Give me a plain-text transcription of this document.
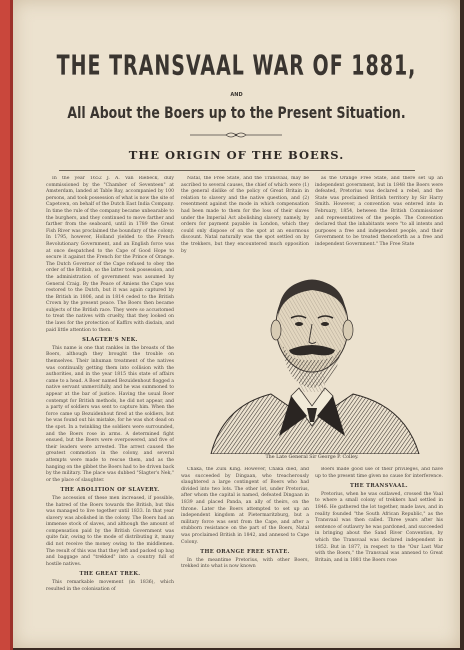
THE TRANSVAAL WAR OF 1881,
AND
All About the Boers up to the Present Situation.
THE ORIGIN OF THE BOERS.

In the year 1652 J. A. Van Riebeck, duly commissioned by the "Chamber of Seventeen" at Amsterdam, landed at Table Bay, accompanied by 100 persons, and took possession of what is now the site of Capetown, on behalf of the Dutch East India Company. In time the rule of the company became unbearable to the burghers, and they continued to move farther and farther from the seaboard, until in 1789 the Great Fish River was proclaimed the boundary of the colony. In 1795, however, Holland yielded to the French Revolutionary Government, and an English force was at once despatched to the Cape of Good Hope to secure it against the French for the Prince of Orange. The Dutch Governor of the Cape refused to obey the order of the British, so the latter took possession, and the administration of government was assumed by General Craig. By the Peace of Amiens the Cape was restored to the Dutch, but it was again captured by the British in 1806, and in 1814 ceded to the British Crown by the present peace. The Boers then became subjects of the British race. They were so accustomed to treat the natives with cruelty, that they looked on the laws for the protection of Kaffirs with disdain, and paid little attention to them.

SLAGTER'S NEK.

This name is one that rankles in the breasts of the Boers, although they brought the trouble on themselves. Their inhuman treatment of the natives was continually getting them into collision with the authorities, and in the year 1815 this state of affairs came to a head. A Boer named Bezuidenhout flogged a native servant unmercifully, and he was summoned to appear at the bar of justice. Having the usual Boer contempt for British methods, he did not appear, and a party of soldiers was sent to capture him. When the force came up Bezuidenhout fired at the soldiers, but he was found out his mistake, for he was shot dead on the spot. In a twinkling the soldiers were surrounded, and the Boers rose in arms. A determined fight ensued, but the Boers were overpowered, and five of their leaders were arrested. The arrest caused the greatest commotion in the colony, and several attempts were made to rescue them, and as the hanging on the gibbet the Boers had to be driven back by the military. The place was dubbed "Slagter's Nek," or the place of slaughter.

THE ABOLITION OF SLAVERY.

The accession of these men increased, if possible, the hatred of the Boers towards the British, but this was managed to live together until 1833. In that year slavery was abolished in the colony. The Boers had an immense stock of slaves, and although the amount of compensation paid by the British Government was quite fair, owing to the mode of distributing it, many did not receive the money owing to the middlemen. The result of this was that they left and packed up bag and baggage and "trekked" into a country full of hostile natives.

THE GREAT TREK.

This remarkable movement (in 1836), which resulted in the colonisation of

Natal, the Free State, and the Transvaal, may be ascribed to several causes, the chief of which were (1) the general dislike of the policy of Great Britain in relation to slavery and the native question, and (2) resentment against the mode in which compensation had been made to them for the loss of their slaves under the Imperial Act abolishing slavery, namely, by orders for payment payable in London, which they could only dispose of on the spot at an enormous discount. Natal naturally was the spot settled on by the trekkers, but they encountered much opposition by

as the Orange Free State, and there set up an independent government, but in 1848 the Boers were defeated, Pretorius was declared a rebel, and the State was proclaimed British territory by Sir Harry Smith. However, a convention was entered into in February, 1854, between the British Commissioner and representatives of the people. The Convention declared that the inhabitants were "to all intents and purposes a free and independent people, and their Government to be treated thenceforth as a free and independent Government." The Free State

The Late General Sir George P. Colley.

Chaka, the Zulu King. However, Chaka died, and was succeeded by Dingaan, who treacherously slaughtered a large contingent of Boers who had divided into two lots. The other lot, under Pretorius, after whom the capital is named, defeated Dingaan in 1839 and placed Panda, an ally of theirs, on the throne. Later the Boers attempted to set up an independent kingdom at Pietermaritzburg, but a military force was sent from the Cape, and after a stubborn resistance on the part of the Boers, Natal was proclaimed British in 1842, and annexed to Cape Colony.

THE ORANGE FREE STATE.

In the meantime Pretorius, with other Boers, trekked into what is now known

Boers made good use of their privileges, and have up to the present time given no cause for interference.

THE TRANSVAAL.

Pretorius, when he was outlawed, crossed the Vaal to where a small colony of trekkers had settled in 1846. He gathered the lot together, made laws, and in reality founded "the South African Republic," as the Transvaal was then called. Three years after his sentence of outlawry he was pardoned, and succeeded in bringing about the Sand River Convention, by which the Transvaal was declared independent in 1852. But in 1877, in respect to the "Our Last War with the Boers," the Transvaal was annexed to Great Britain, and in 1881 the Boers rose
